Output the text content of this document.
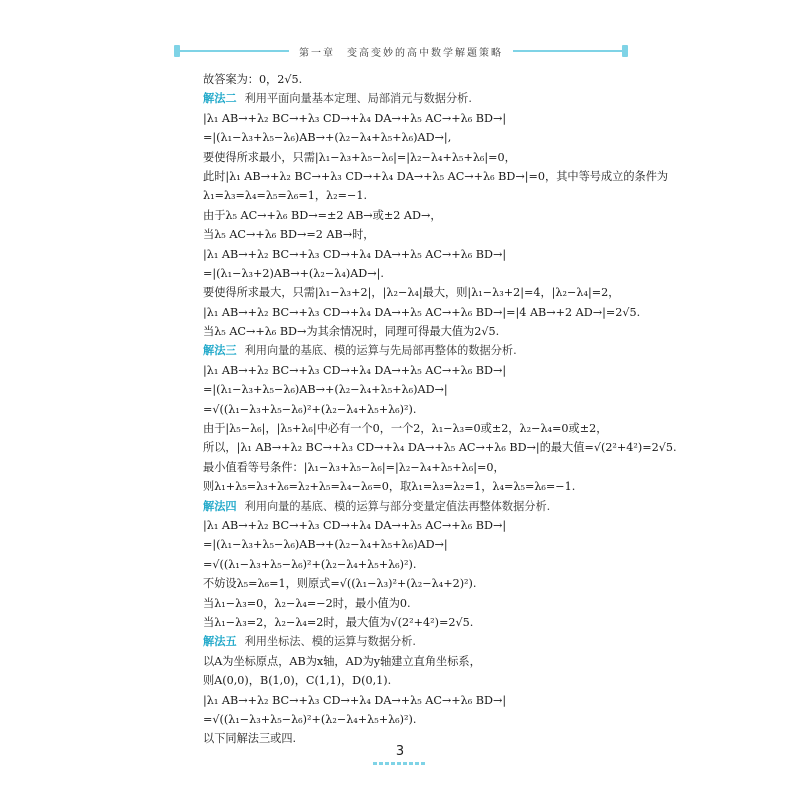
第一章　变高变妙的高中数学解题策略
故答案为：0，2√5.
解法二 利用平面向量基本定理、局部消元与数据分析.
|λ₁ AB→+λ₂ BC→+λ₃ CD→+λ₄ DA→+λ₅ AC→+λ₆ BD→|
=|(λ₁−λ₃+λ₅−λ₆)AB→+(λ₂−λ₄+λ₅+λ₆)AD→|,
要使得所求最小，只需|λ₁−λ₃+λ₅−λ₆|=|λ₂−λ₄+λ₅+λ₆|=0，
此时|λ₁ AB→+λ₂ BC→+λ₃ CD→+λ₄ DA→+λ₅ AC→+λ₆ BD→|=0，其中等号成立的条件为
λ₁=λ₃=λ₄=λ₅=λ₆=1，λ₂=−1.
由于λ₅ AC→+λ₆ BD→=±2 AB→或±2 AD→，
当λ₅ AC→+λ₆ BD→=2 AB→时，
|λ₁ AB→+λ₂ BC→+λ₃ CD→+λ₄ DA→+λ₅ AC→+λ₆ BD→|
=|(λ₁−λ₃+2)AB→+(λ₂−λ₄)AD→|.
要使得所求最大，只需|λ₁−λ₃+2|，|λ₂−λ₄|最大，则|λ₁−λ₃+2|=4，|λ₂−λ₄|=2，
|λ₁ AB→+λ₂ BC→+λ₃ CD→+λ₄ DA→+λ₅ AC→+λ₆ BD→|=|4 AB→+2 AD→|=2√5.
当λ₅ AC→+λ₆ BD→为其余情况时，同理可得最大值为2√5.
解法三 利用向量的基底、模的运算与先局部再整体的数据分析.
|λ₁ AB→+λ₂ BC→+λ₃ CD→+λ₄ DA→+λ₅ AC→+λ₆ BD→|
=|(λ₁−λ₃+λ₅−λ₆)AB→+(λ₂−λ₄+λ₅+λ₆)AD→|
=√((λ₁−λ₃+λ₅−λ₆)²+(λ₂−λ₄+λ₅+λ₆)²).
由于|λ₅−λ₆|，|λ₅+λ₆|中必有一个0，一个2，λ₁−λ₃=0或±2，λ₂−λ₄=0或±2，
所以，|λ₁ AB→+λ₂ BC→+λ₃ CD→+λ₄ DA→+λ₅ AC→+λ₆ BD→|的最大值=√(2²+4²)=2√5.
最小值看等号条件：|λ₁−λ₃+λ₅−λ₆|=|λ₂−λ₄+λ₅+λ₆|=0，
则λ₁+λ₅=λ₃+λ₆=λ₂+λ₅=λ₄−λ₆=0，取λ₁=λ₃=λ₂=1，λ₄=λ₅=λ₆=−1.
解法四 利用向量的基底、模的运算与部分变量定值法再整体数据分析.
|λ₁ AB→+λ₂ BC→+λ₃ CD→+λ₄ DA→+λ₅ AC→+λ₆ BD→|
=|(λ₁−λ₃+λ₅−λ₆)AB→+(λ₂−λ₄+λ₅+λ₆)AD→|
=√((λ₁−λ₃+λ₅−λ₆)²+(λ₂−λ₄+λ₅+λ₆)²).
不妨设λ₅=λ₆=1，则原式=√((λ₁−λ₃)²+(λ₂−λ₄+2)²).
当λ₁−λ₃=0，λ₂−λ₄=−2时，最小值为0.
当λ₁−λ₃=2，λ₂−λ₄=2时，最大值为√(2²+4²)=2√5.
解法五 利用坐标法、模的运算与数据分析.
以A为坐标原点，AB为x轴，AD为y轴建立直角坐标系，
则A(0,0)，B(1,0)，C(1,1)，D(0,1).
|λ₁ AB→+λ₂ BC→+λ₃ CD→+λ₄ DA→+λ₅ AC→+λ₆ BD→|
=√((λ₁−λ₃+λ₅−λ₆)²+(λ₂−λ₄+λ₅+λ₆)²).
以下同解法三或四.
3
